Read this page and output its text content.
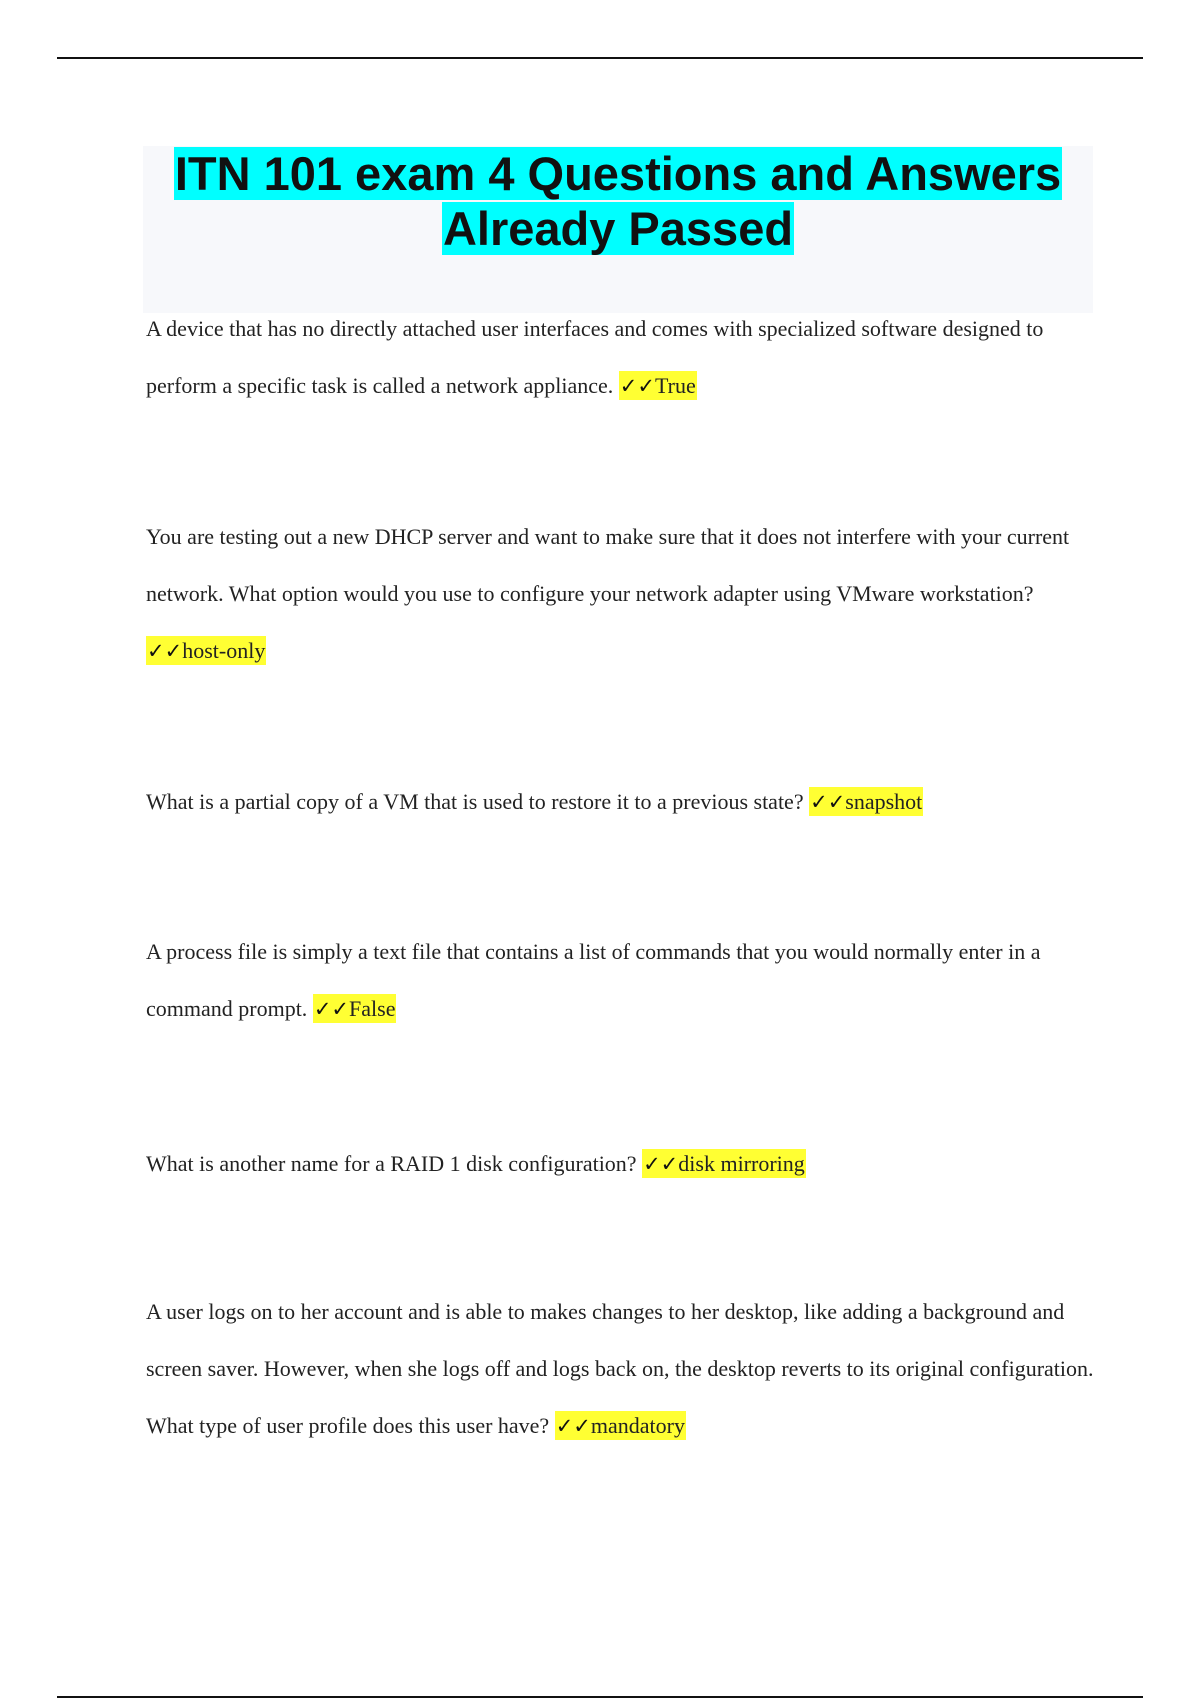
ITN 101 exam 4 Questions and Answers
Already Passed

A device that has no directly attached user interfaces and comes with specialized software designed to perform a specific task is called a network appliance. ✓✓True

You are testing out a new DHCP server and want to make sure that it does not interfere with your current network. What option would you use to configure your network adapter using VMware workstation? ✓✓host-only

What is a partial copy of a VM that is used to restore it to a previous state? ✓✓snapshot

A process file is simply a text file that contains a list of commands that you would normally enter in a command prompt. ✓✓False

What is another name for a RAID 1 disk configuration? ✓✓disk mirroring

A user logs on to her account and is able to makes changes to her desktop, like adding a background and screen saver. However, when she logs off and logs back on, the desktop reverts to its original configuration. What type of user profile does this user have? ✓✓mandatory
